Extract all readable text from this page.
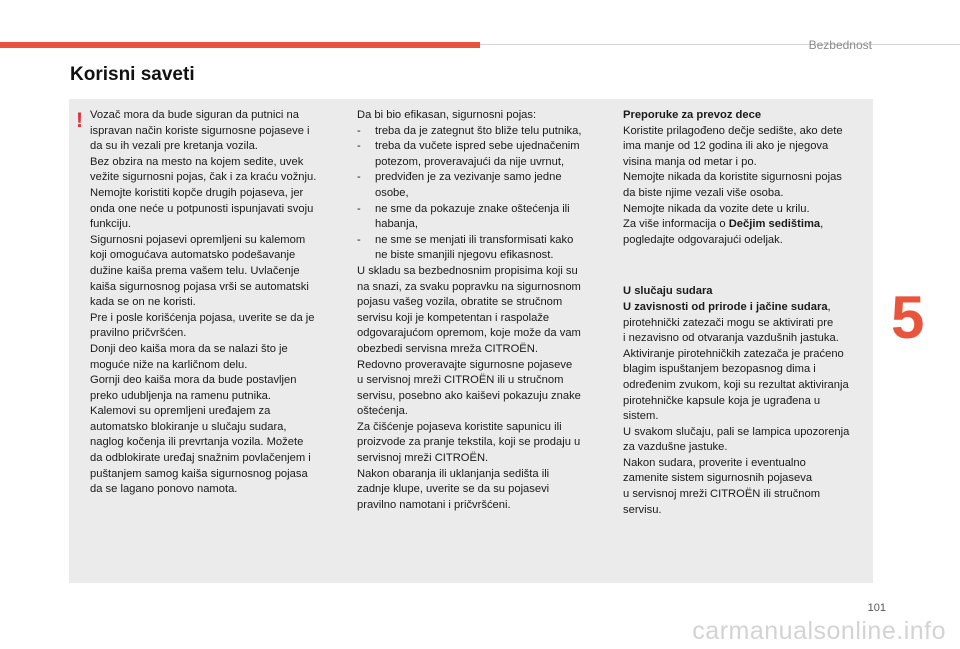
Bezbednost
Korisni saveti
! Vozač mora da bude siguran da putnici na

ispravan način koriste sigurnosne pojaseve i

da su ih vezali pre kretanja vozila.

Bez obzira na mesto na kojem sedite, uvek

vežite sigurnosni pojas, čak i za kraću vožnju.

Nemojte koristiti kopče drugih pojaseva, jer

onda one neće u potpunosti ispunjavati svoju

funkciju.

Sigurnosni pojasevi opremljeni su kalemom

koji omogućava automatsko podešavanje

dužine kaiša prema vašem telu. Uvlačenje

kaiša sigurnosnog pojasa vrši se automatski

kada se on ne koristi.

Pre i posle korišćenja pojasa, uverite se da je

pravilno pričvršćen.

Donji deo kaiša mora da se nalazi što je

moguće niže na karličnom delu.

Gornji deo kaiša mora da bude postavljen

preko udubljenja na ramenu putnika.

Kalemovi su opremljeni uređajem za

automatsko blokiranje u slučaju sudara,

naglog kočenja ili prevrtanja vozila. Možete

da odblokirate uređaj snažnim povlačenjem i

puštanjem samog kaiša sigurnosnog pojasa

da se lagano ponovo namota.

Da bi bio efikasan, sigurnosni pojas:

-	treba da je zategnut što bliže telu putnika,
-	treba da vučete ispred sebe ujednačenim
potezom, proveravajući da nije uvrnut,
-	predviđen je za vezivanje samo jedne
osobe,
-	ne sme da pokazuje znake oštećenja ili
habanja,
-	ne sme se menjati ili transformisati kako
ne biste smanjili njegovu efikasnost.

U skladu sa bezbednosnim propisima koji su

na snazi, za svaku popravku na sigurnosnom

pojasu vašeg vozila, obratite se stručnom

servisu koji je kompetentan i raspolaže

odgovarajućom opremom, koje može da vam

obezbedi servisna mreža CITROËN.

Redovno proveravajte sigurnosne pojaseve

u servisnoj mreži CITROËN ili u stručnom

servisu, posebno ako kaiševi pokazuju znake

oštećenja.

Za čišćenje pojaseva koristite sapunicu ili

proizvode za pranje tekstila, koji se prodaju u

servisnoj mreži CITROËN.

Nakon obaranja ili uklanjanja sedišta ili

zadnje klupe, uverite se da su pojasevi

pravilno namotani i pričvršćeni.

Preporuke za prevoz dece

Koristite prilagođeno dečje sedište, ako dete

ima manje od 12 godina ili ako je njegova

visina manja od metar i po.

Nemojte nikada da koristite sigurnosni pojas

da biste njime vezali više osoba.

Nemojte nikada da vozite dete u krilu.

Za više informacija o Dečjim sedištima,

pogledajte odgovarajući odeljak.

U slučaju sudara

U zavisnosti od prirode i jačine sudara,

pirotehnički zatezači mogu se aktivirati pre

i nezavisno od otvaranja vazdušnih jastuka.

Aktiviranje pirotehničkih zatezača je praćeno

blagim ispuštanjem bezopasnog dima i

određenim zvukom, koji su rezultat aktiviranja

pirotehničke kapsule koja je ugrađena u

sistem.

U svakom slučaju, pali se lampica upozorenja

za vazdušne jastuke.

Nakon sudara, proverite i eventualno

zamenite sistem sigurnosnih pojaseva

u servisnoj mreži CITROËN ili stručnom

servisu.

5
101
carmanualsonline.info
